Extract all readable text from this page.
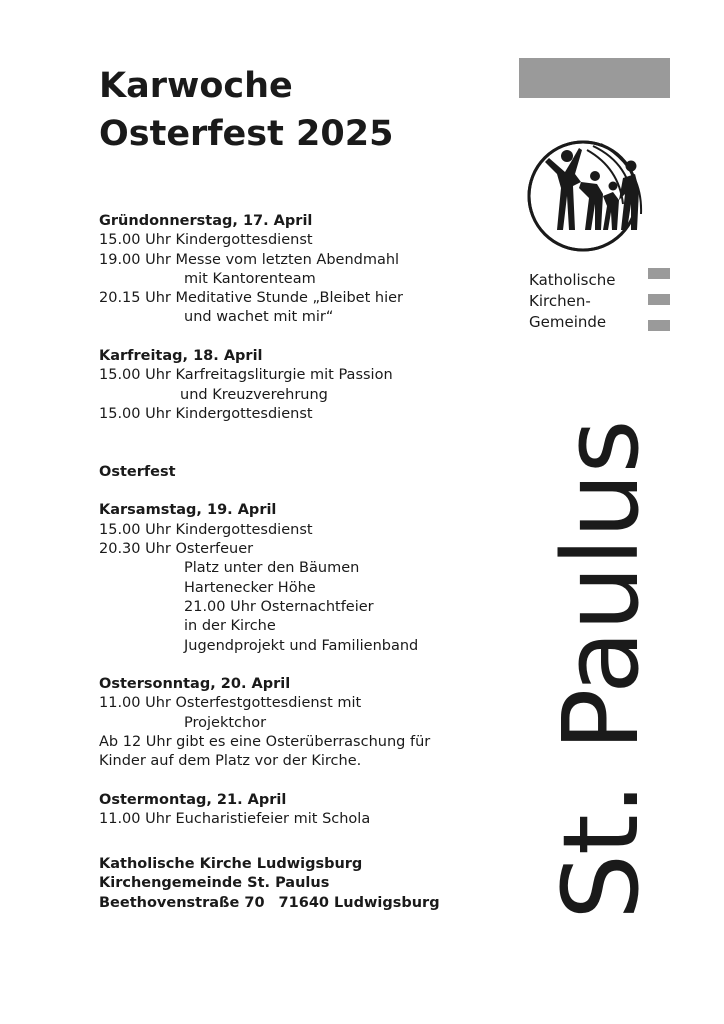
Karwoche
Osterfest 2025
Gründonnerstag, 17. April
15.00 Uhr Kindergottesdienst
19.00 Uhr Messe vom letzten Abendmahl
mit Kantorenteam
20.15 Uhr Meditative Stunde „Bleibet hier
und wachet mit mir“
Karfreitag, 18. April
15.00 Uhr Karfreitagsliturgie mit Passion
und Kreuzverehrung
15.00 Uhr Kindergottesdienst
Osterfest
Karsamstag, 19. April
15.00 Uhr Kindergottesdienst
20.30 Uhr Osterfeuer
Platz unter den Bäumen
Hartenecker Höhe
21.00 Uhr Osternachtfeier
in der Kirche
Jugendprojekt und Familienband
Ostersonntag, 20. April
11.00 Uhr Osterfestgottesdienst mit
Projektchor
Ab 12 Uhr gibt es eine Osterüberraschung für
Kinder auf dem Platz vor der Kirche.
Ostermontag, 21. April
11.00 Uhr Eucharistiefeier mit Schola
Katholische Kirche Ludwigsburg
Kirchengemeinde St. Paulus
Beethovenstraße 70 71640 Ludwigsburg
Katholische
Kirchen-
Gemeinde
St. Paulus
